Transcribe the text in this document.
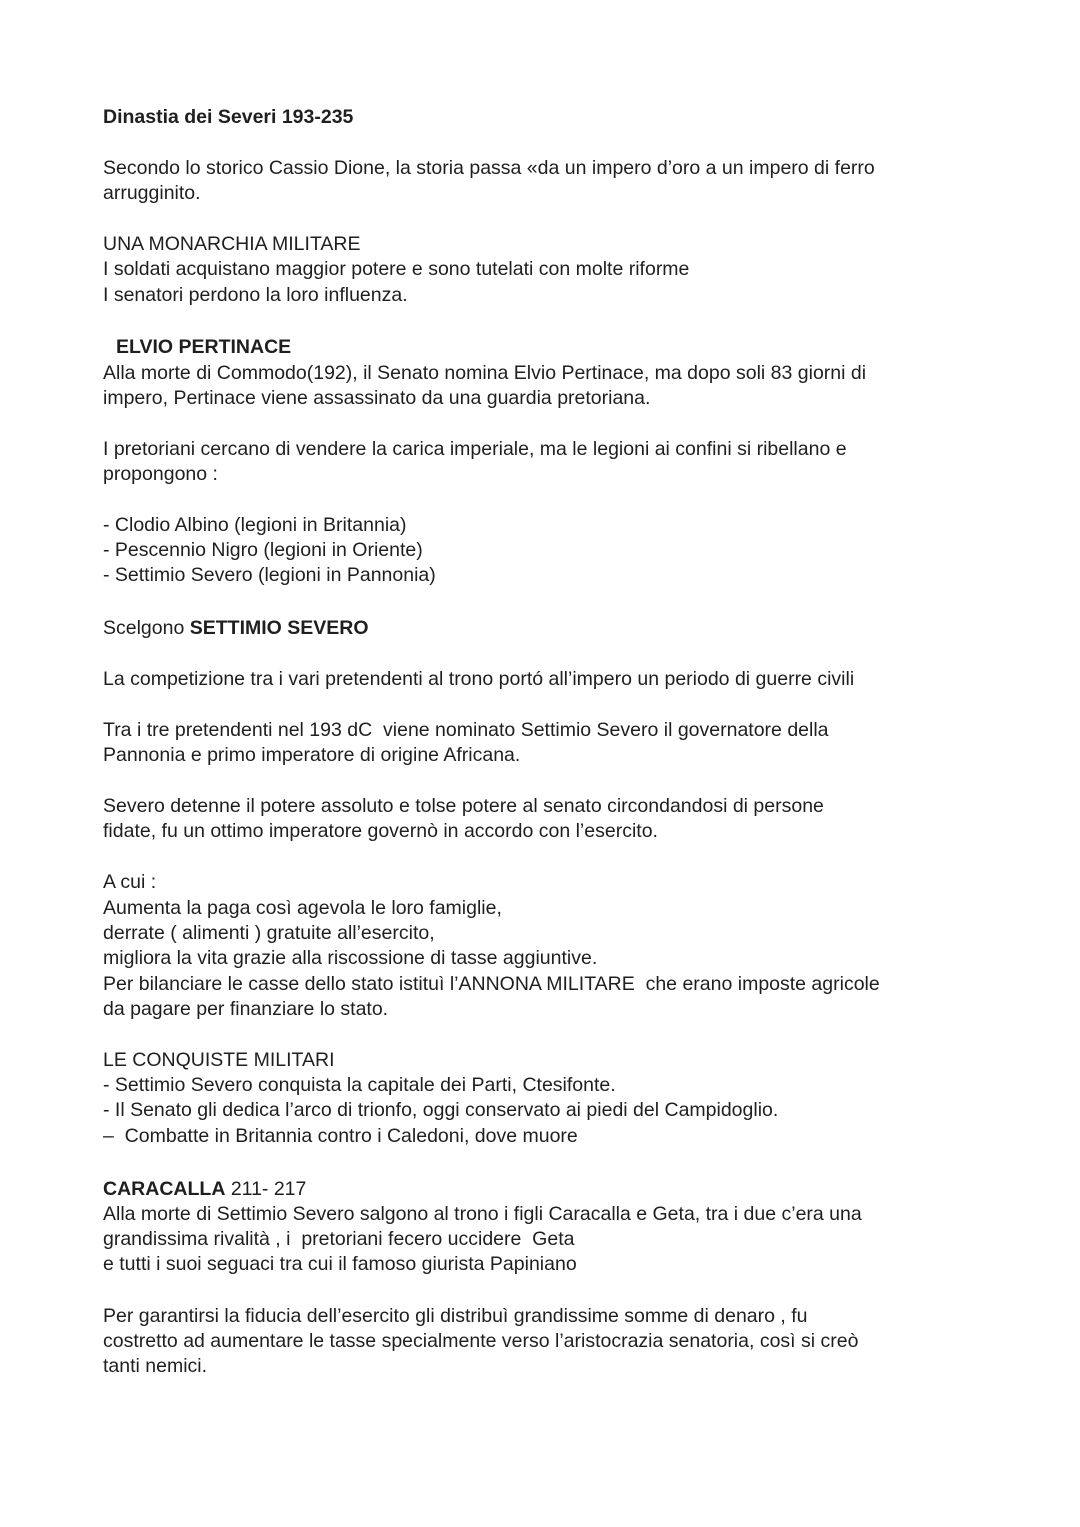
Dinastia dei Severi 193-235
Secondo lo storico Cassio Dione, la storia passa «da un impero d’oro a un impero di ferro
arrugginito.
UNA MONARCHIA MILITARE
I soldati acquistano maggior potere e sono tutelati con molte riforme
I senatori perdono la loro influenza.
ELVIO PERTINACE
Alla morte di Commodo(192), il Senato nomina Elvio Pertinace, ma dopo soli 83 giorni di
impero, Pertinace viene assassinato da una guardia pretoriana.
I pretoriani cercano di vendere la carica imperiale, ma le legioni ai confini si ribellano e
propongono :
- Clodio Albino (legioni in Britannia)
- Pescennio Nigro (legioni in Oriente)
- Settimio Severo (legioni in Pannonia)
Scelgono SETTIMIO SEVERO
La competizione tra i vari pretendenti al trono portó all’impero un periodo di guerre civili
Tra i tre pretendenti nel 193 dC  viene nominato Settimio Severo il governatore della
Pannonia e primo imperatore di origine Africana.
Severo detenne il potere assoluto e tolse potere al senato circondandosi di persone
fidate, fu un ottimo imperatore governò in accordo con l’esercito.
A cui :
Aumenta la paga così agevola le loro famiglie,
derrate ( alimenti ) gratuite all’esercito,
migliora la vita grazie alla riscossione di tasse aggiuntive.
Per bilanciare le casse dello stato istituì l’ANNONA MILITARE  che erano imposte agricole
da pagare per finanziare lo stato.
LE CONQUISTE MILITARI
- Settimio Severo conquista la capitale dei Parti, Ctesifonte.
- Il Senato gli dedica l’arco di trionfo, oggi conservato ai piedi del Campidoglio.
–  Combatte in Britannia contro i Caledoni, dove muore
CARACALLA 211- 217
Alla morte di Settimio Severo salgono al trono i figli Caracalla e Geta, tra i due c’era una
grandissima rivalità , i  pretoriani fecero uccidere  Geta
e tutti i suoi seguaci tra cui il famoso giurista Papiniano
Per garantirsi la fiducia dell’esercito gli distribuì grandissime somme di denaro , fu
costretto ad aumentare le tasse specialmente verso l’aristocrazia senatoria, così si creò
tanti nemici.
